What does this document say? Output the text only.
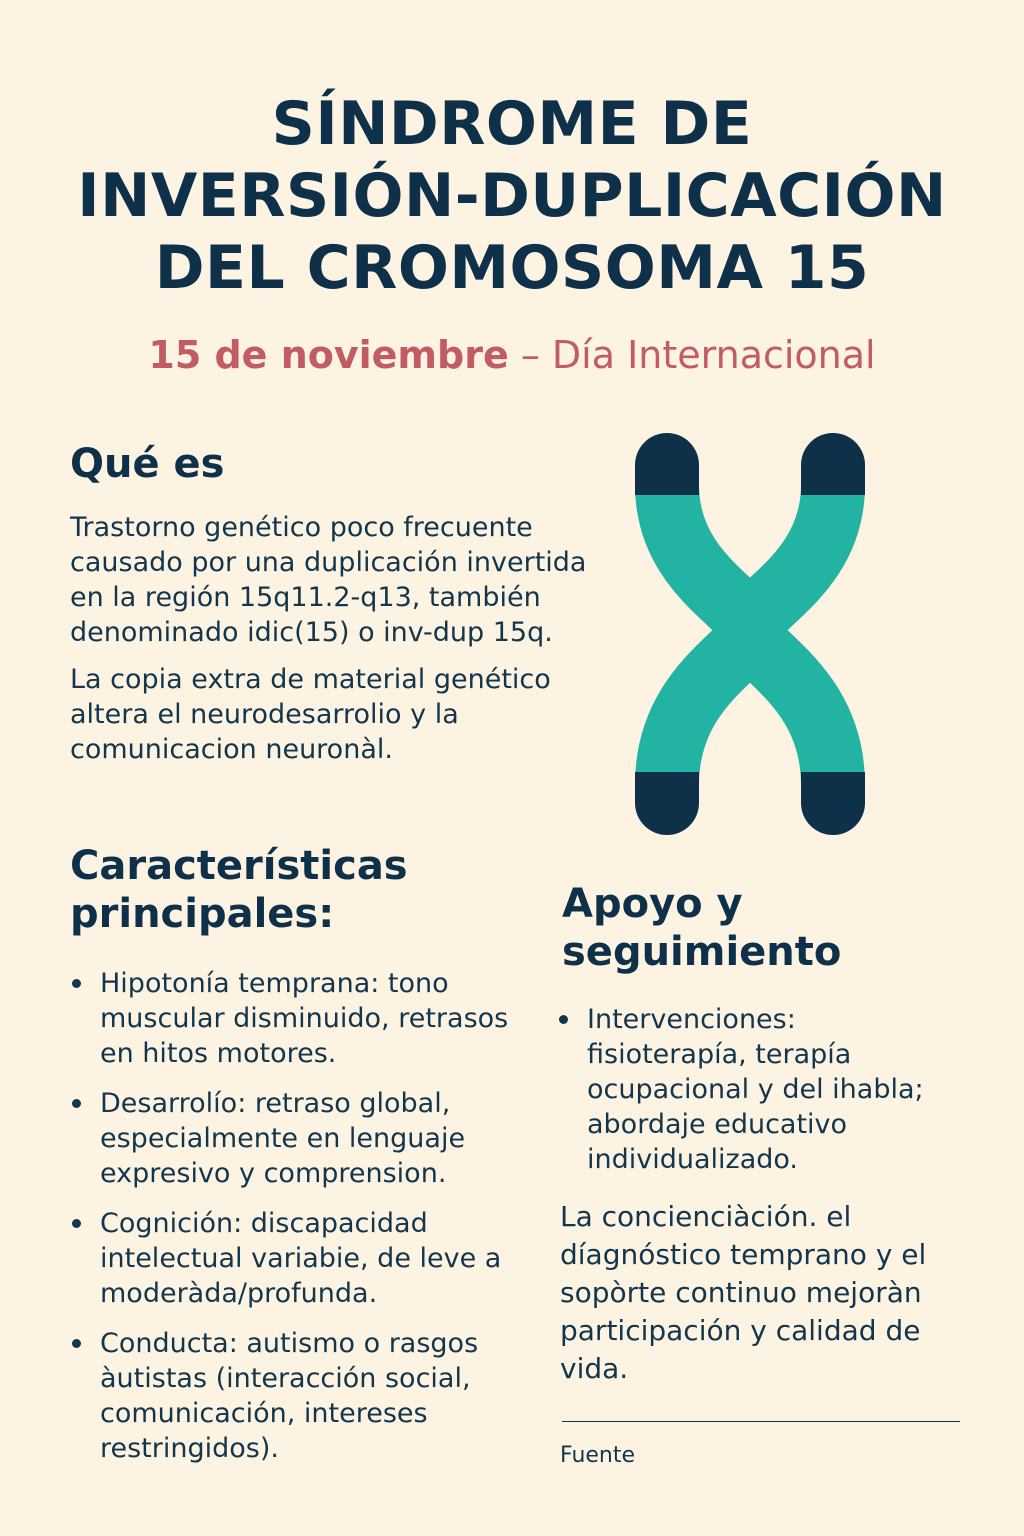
SÍNDROME DE
INVERSIÓN-DUPLICACIÓN
DEL CROMOSOMA 15
15 de noviembre – Día Internacional
Qué es

Trastorno genético poco frecuente causado por una duplicación invertida en la región 15q11.2-q13, también denominado idic(15) o inv-dup 15q.

La copia extra de material genético altera el neurodesarrolio y la comunicacion neuronàl.

Características
principales:
Hipotonía temprana: tono muscular disminuido, retrasos en hitos motores.
Desarrolío: retraso global, especialmente en lenguaje expresivo y comprension.
Cognición: discapacidad intelectual variabie, de leve a moderàda/profunda.
Conducta: autismo o rasgos àutistas (interacción social, comunicación, intereses restringidos).
Apoyo y
seguimiento
Intervenciones: fisioterapía, terapía ocupacional y del ihabla; abordaje educativo individualizado.
La concienciàción. el díagnóstico temprano y el sopòrte continuo mejoràn participación y calidad de vida.
Fuente
